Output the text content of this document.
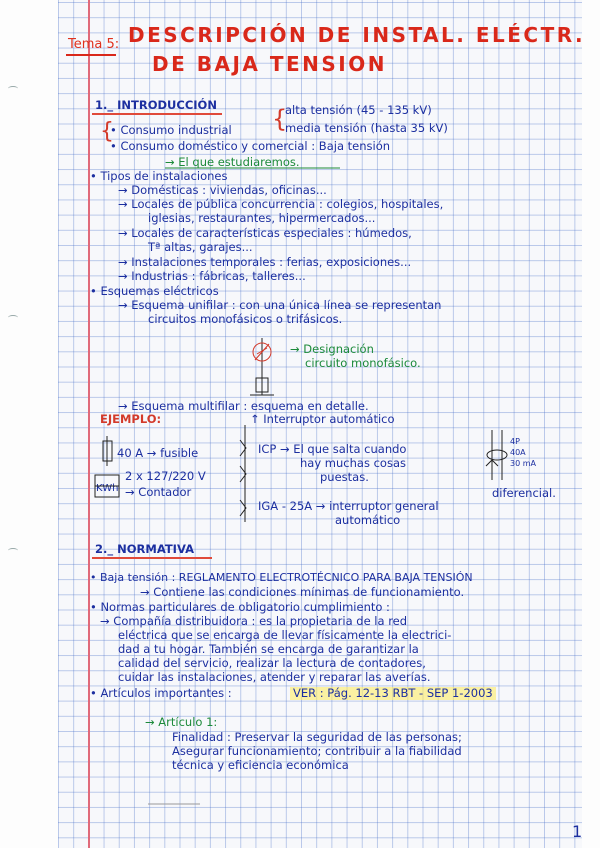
Tema 5: DESCRIPCIÓN DE INSTAL. ELÉCTR.
DE BAJA TENSION
1._ INTRODUCCIÓN	alta tensión (45 - 135 kV)
media tensión (hasta 35 kV)
{
{
• Consumo industrial
• Consumo doméstico y comercial : Baja tensión
→ El que estudiaremos.
• Tipos de instalaciones
→ Domésticas : viviendas, oficinas...
→ Locales de pública concurrencia : colegios, hospitales,
iglesias, restaurantes, hipermercados...
→ Locales de características especiales : húmedos,
Tª altas, garajes...
→ Instalaciones temporales : ferias, exposiciones...
→ Industrias : fábricas, talleres...
• Esquemas eléctricos
→ Esquema unifilar : con una única línea se representan
circuitos monofásicos o trifásicos.
→ Designación
circuito monofásico.
→ Esquema multifilar : esquema en detalle.
EJEMPLO:	↑ Interruptor automático
40 A → fusible
KWh
2 x 127/220 V
→ Contador
ICP → El que salta cuando
hay muchas cosas
puestas.
IGA - 25A → interruptor general
automático
4P
40A
30 mA
diferencial.
2._ NORMATIVA
• Baja tensión : REGLAMENTO ELECTROTÉCNICO PARA BAJA TENSIÓN
→ Contiene las condiciones mínimas de funcionamiento.
• Normas particulares de obligatorio cumplimiento :
→ Compañía distribuidora : es la propietaria de la red
eléctrica que se encarga de llevar físicamente la electrici-
dad a tu hogar. También se encarga de garantizar la
calidad del servicio, realizar la lectura de contadores,
cuidar las instalaciones, atender y reparar las averías.
• Artículos importantes :	VER : Pág. 12-13 RBT - SEP 1-2003
→ Artículo 1:
Finalidad : Preservar la seguridad de las personas;
Asegurar funcionamiento; contribuir a la fiabilidad
técnica y eficiencia económica
1
